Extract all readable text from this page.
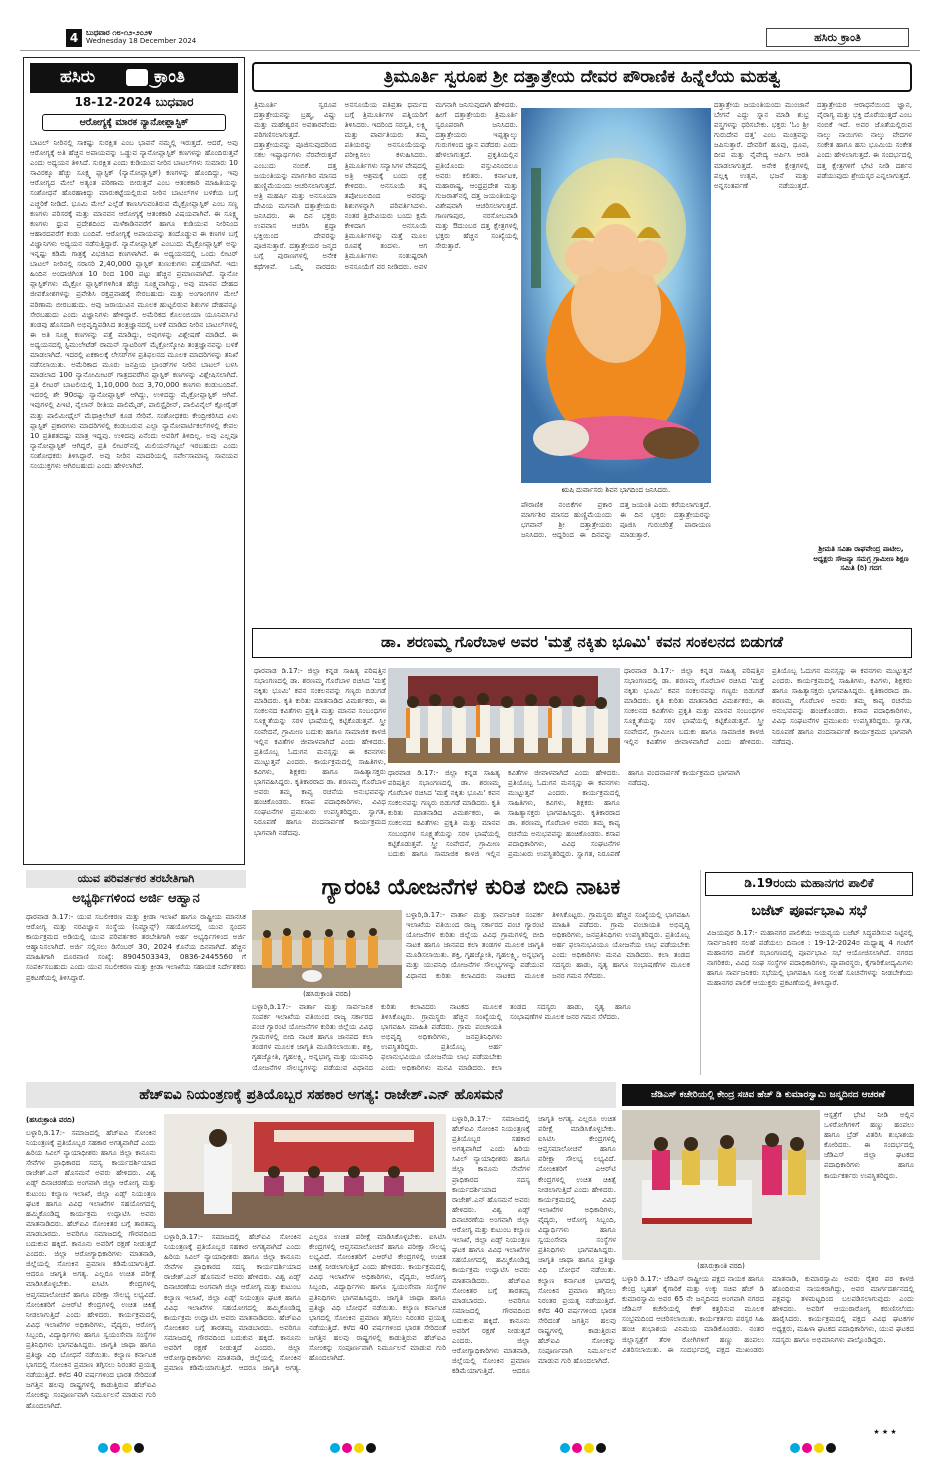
4	ಬುಧವಾರ ೧೮-೧೨-೨೦೨೪
Wednesday 18 December 2024	ಹಸಿರು ಕ್ರಾಂತಿ
ಹಸಿರು	ಕ್ರಾಂತಿ
18-12-2024 ಬುಧವಾರ
ಆರೋಗ್ಯಕ್ಕೆ ಮಾರಕ ನ್ಯಾನೋಪ್ಲಾಸ್ಟಿಕ್
ಬಾಟಲ್ ನೀರಿನಲ್ಲಿ ಸಾಕಷ್ಟು ಸುರಕ್ಷಿತ ಎಂಬ ಭಾವನೆ ನಮ್ಮಲ್ಲಿ ಇರುತ್ತದೆ. ಆದರೆ, ಅವು ಆರೋಗ್ಯಕ್ಕೆ ಅತಿ ಹೆಚ್ಚಿನ ಅಪಾಯವನ್ನು ಒಡ್ಡುವ ನ್ಯಾನೋಪ್ಲಾಸ್ಟಿಕ್ ಕಣಗಳನ್ನು ಹೊಂದಿರುತ್ತವೆ ಎಂದು ಅಧ್ಯಯನ ತಿಳಿಸಿದೆ. ಸುರಕ್ಷಿತ ಎಂದು ಕುಡಿಯುವ ನೀರಿನ ಬಾಟಲ್‌ಗಳು ಸುಮಾರು 10 ಸಾವಿರಕ್ಕೂ ಹೆಚ್ಚು ಸೂಕ್ಷ್ಮ ಪ್ಲಾಸ್ಟಿಕ್ (ನ್ಯಾನೋಪ್ಲಾಸ್ಟಿಕ್) ಕಣಗಳನ್ನು ಹೊಂದಿದ್ದು, ಇವು ಆರೋಗ್ಯದ ಮೇಲೆ ಅತ್ಯಂತ ಪರಿಣಾಮ ಬೀರುತ್ತವೆ ಎಂಬ ಆತಂಕಕಾರಿ ಮಾಹಿತಿಯನ್ನು ಸಂಶೋಧನೆ ಹೊರಹಾಕಿದ್ದು ಮಾರುಕಟ್ಟೆಯಲ್ಲಿರುವ ನೀರಿನ ಬಾಟಲ್‌ಗಳ ಬಳಕೆಯ ಬಗ್ಗೆ ಎಚ್ಚರಿಕೆ ನೀಡಿದೆ. ಭೂಮಿ ಮೇಲೆ ಎಲ್ಲೆಡೆ ಕಾಣಸಿಗುವಂತಿರುವ ಮೈಕ್ರೋಪ್ಲಾಸ್ಟಿಕ್ ಎಂಬ ಸಣ್ಣ ಕಣಗಳು ಪರಿಸರಕ್ಕೆ ಮತ್ತು ಮಾನವನ ಆರೋಗ್ಯಕ್ಕೆ ಆತಂಕಕಾರಿ ವಿಷಯವಾಗಿವೆ. ಈ ಸೂಕ್ಷ್ಮ ಕಣಗಳು ಧ್ರುವ ಪ್ರದೇಶದಿಂದ ಮಳೆಕಾಡಿನವರೆಗೆ ಹಾಗೂ ಕುಡಿಯುವ ನೀರಿನಿಂದ ಆಹಾರದವರೆಗೆ ಕಂಡು ಬಂದಿವೆ. ಆರೋಗ್ಯಕ್ಕೆ ಅಪಾಯವನ್ನು ತಂದೊಡ್ಡುವ ಈ ಕಣಗಳ ಬಗ್ಗೆ ವಿಜ್ಞಾನಿಗಳು ಅಧ್ಯಯನ ನಡೆಸುತ್ತಿದ್ದಾರೆ. ನ್ಯಾನೋಪ್ಲಾಸ್ಟಿಕ್ ಎಂಬುದು ಮೈಕ್ರೋಪ್ಲಾಸ್ಟಿಕ್ ಅನ್ನು ಇನ್ನಷ್ಟು ಕಡಿಮೆ ಗಾತ್ರಕ್ಕೆ ವಿಭಜಿಸಿದ ಕಣಗಳಾಗಿವೆ. ಈ ಅಧ್ಯಯನದಲ್ಲಿ ಒಂದು ಲೀಟರ್ ಬಾಟಲ್ ನೀರಿನಲ್ಲಿ ಸರಾಸರಿ 2,40,000 ಪ್ಲಾಸ್ಟಿಕ್ ತುಣುಕುಗಳು ಪತ್ತೆಯಾಗಿವೆ. ಇದು ಹಿಂದಿನ ಅಂದಾಜಿಗಿಂತ 10 ರಿಂದ 100 ಪಟ್ಟು ಹೆಚ್ಚಿನ ಪ್ರಮಾಣವಾಗಿದೆ. ನ್ಯಾನೋ ಪ್ಲಾಸ್ಟಿಕ್‌ಗಳು ಮೈಕ್ರೋ ಪ್ಲಾಸ್ಟಿಕ್‌ಗಳಿಗಿಂತ ಹೆಚ್ಚು ಸೂಕ್ಷ್ಮವಾಗಿದ್ದು, ಅವು ಮಾನವ ದೇಹದ ಜೀವಕೋಶಗಳನ್ನು ಪ್ರವೇಶಿಸಿ ರಕ್ತಪ್ರವಾಹಕ್ಕೆ ಸೇರಬಹುದು ಮತ್ತು ಅಂಗಾಂಗಗಳ ಮೇಲೆ ಪರಿಣಾಮ ಬೀರಬಹುದು. ಅವು ಜರಾಯುವಿನ ಮೂಲಕ ಹುಟ್ಟಲಿರುವ ಶಿಶುಗಳ ದೇಹವನ್ನೂ ಸೇರಬಹುದು ಎಂದು ವಿಜ್ಞಾನಿಗಳು ಹೇಳಿದ್ದಾರೆ. ಅಮೆರಿಕದ ಕೊಲಂಬಿಯಾ ಯೂನಿವರ್ಸಿಟಿ ತಂಡವು ಹೊಸದಾಗಿ ಅಭಿವೃದ್ಧಿಪಡಿಸಿದ ತಂತ್ರಜ್ಞಾನದಲ್ಲಿ ಬಳಕೆ ಮಾಡಿದ ನೀರಿನ ಬಾಟಲ್‌ಗಳಲ್ಲಿ ಈ ಅತಿ ಸೂಕ್ಷ್ಮ ಕಣಗಳನ್ನು ಪತ್ತೆ ಮಾಡಿದ್ದು, ಅವುಗಳನ್ನು ವಿಶ್ಲೇಷಣೆ ಮಾಡಿದೆ. ಈ ಅಧ್ಯಯನದಲ್ಲಿ ಸ್ಟಿಮುಲೇಟೆಡ್ ರಾಮನ್ ಸ್ಕ್ಯಾಟರಿಂಗ್ ಮೈಕ್ರೋಸ್ಕೋಪಿ ತಂತ್ರಜ್ಞಾನವನ್ನು ಬಳಕೆ ಮಾಡಲಾಗಿದೆ. ಇದರಲ್ಲಿ ಏಕಕಾಲಕ್ಕೆ ಲೇಸರ್‌ಗಳ ಪ್ರತಿಫಲನದ ಮೂಲಕ ಮಾದರಿಗಳನ್ನು ತನಿಖೆ ನಡೆಸಲಾಯಿತು. ಅಮೆರಿಕಾದ ಮೂರು ಜನಪ್ರಿಯ ಬ್ರಾಂಡ್‌ಗಳ ನೀರಿನ ಬಾಟಲ್ ಬಳಸಿ ಮಾಡಲಾದ 100 ನ್ಯಾನೋಮೀಟರ್ ಗಾತ್ರದವರೆಗಿನ ಪ್ಲಾಸ್ಟಿಕ್ ಕಣಗಳನ್ನು ವಿಶ್ಲೇಷಿಸಲಾಗಿದೆ. ಪ್ರತಿ ಲೀಟರ್ ಬಾಟಲಿಯಲ್ಲಿ 1,10,000 ರಿಂದ 3,70,000 ಕಣಗಳು ಕಂಡುಬಂದಿವೆ. ಇದರಲ್ಲಿ ಶೇ 90ರಷ್ಟು ನ್ಯಾನೋಪ್ಲಾಸ್ಟಿಕ್ ಆಗಿದ್ದು, ಉಳಿದದ್ದು ಮೈಕ್ರೋಪ್ಲಾಸ್ಟಿಕ್ ಆಗಿವೆ. ಇವುಗಳಲ್ಲಿ ಪಿಇಟಿ, ನೈಲಾನ್ ರೀತಿಯ ಪಾಲಿಮೈಡ್, ಪಾಲಿಸ್ಟೈರೀನ್, ಪಾಲಿವಿನೈಲ್ ಕ್ಲೋರೈಡ್ ಮತ್ತು ಪಾಲಿಮೀಥೈಲ್ ಮೆಥಾಕ್ರಿಲೇಟ್ ಕೂಡ ಸೇರಿವೆ. ಸಂಶೋಧಕರು ಕೇಂದ್ರೀಕರಿಸಿದ ಏಳು ಪ್ಲಾಸ್ಟಿಕ್ ಪ್ರಕಾರಗಳು ಮಾದರಿಗಳಲ್ಲಿ ಕಂಡುಬರುವ ಎಲ್ಲಾ ನ್ಯಾನೋಪಾರ್ಟಿಕಲ್‌ಗಳಲ್ಲಿ ಕೇವಲ 10 ಪ್ರತಿಶತದಷ್ಟು ಮಾತ್ರ ಇದ್ದವು. ಉಳಿದವು ಏನೆಂದು ಅವರಿಗೆ ತಿಳಿದಿಲ್ಲ. ಅವು ಎಲ್ಲವೂ ನ್ಯಾನೋಪ್ಲಾಸ್ಟಿಕ್ ಆಗಿದ್ದರೆ, ಪ್ರತಿ ಲೀಟರ್‌ನಲ್ಲಿ ಮಿಲಿಯನ್‌ಗಟ್ಟಲೆ ಇರಬಹುದು ಎಂದು ಸಂಶೋಧಕರು ತಿಳಿಸಿದ್ದಾರೆ. ಅವು ನೀರಿನ ಮಾದರಿಯಲ್ಲಿ ಸರ್ವೇಸಾಮಾನ್ಯ ಸಾವಯವ ಸಂಯುಕ್ತಗಳು ಆಗಿರಬಹುದು ಎಂದು ಹೇಳಲಾಗಿದೆ.
ತ್ರಿಮೂರ್ತಿ ಸ್ವರೂಪ ಶ್ರೀ ದತ್ತಾತ್ರೇಯ ದೇವರ ಪೌರಾಣಿಕ ಹಿನ್ನೆಲೆಯ ಮಹತ್ವ
ತ್ರಿಮೂರ್ತಿ ಸ್ವರೂಪ ದತ್ತಾತ್ರೇಯನನ್ನು ಬ್ರಹ್ಮ, ವಿಷ್ಣು ಮತ್ತು ಮಹೇಶ್ವರನ ಅವತಾರವೆಂದು ಪರಿಗಣಿಸಲಾಗುತ್ತದೆ. ದತ್ತಾತ್ರೇಯನನ್ನು ಪೂಜಿಸುವುದರಿಂದ ಸಕಲ ಇಷ್ಟಾರ್ಥಗಳು ನೆರವೇರುತ್ತವೆ ಎಂಬುದು ನಂಬಿಕೆ. ದತ್ತ ಜಯಂತಿಯನ್ನು ಮಾರ್ಗಶಿರ ಮಾಸದ ಹುಣ್ಣಿಮೆಯಂದು ಆಚರಿಸಲಾಗುತ್ತದೆ. ಅತ್ರಿ ಮಹರ್ಷಿ ಮತ್ತು ಅನಸೂಯಾ ದೇವಿಯ ಮಗನಾಗಿ ದತ್ತಾತ್ರೇಯರು ಜನಿಸಿದರು. ಈ ದಿನ ಭಕ್ತರು ಉಪವಾಸ ಆಚರಿಸಿ ಶ್ರದ್ಧಾ ಭಕ್ತಿಯಿಂದ ದೇವರನ್ನು ಪೂಜಿಸುತ್ತಾರೆ. ದತ್ತಾತ್ರೇಯರ ಜನ್ಮದ ಬಗ್ಗೆ ಪುರಾಣಗಳಲ್ಲಿ ಅನೇಕ ಕಥೆಗಳಿವೆ. ಒಮ್ಮೆ ನಾರದರು ಅನಸೂಯೆಯ ಪತಿವ್ರತಾ ಧರ್ಮದ ಬಗ್ಗೆ ತ್ರಿಮೂರ್ತಿಗಳ ಪತ್ನಿಯರಿಗೆ ತಿಳಿಸಿದರು. ಇದರಿಂದ ಸರಸ್ವತಿ, ಲಕ್ಷ್ಮಿ ಮತ್ತು ಪಾರ್ವತಿಯರು ತಮ್ಮ ಪತಿಯರನ್ನು ಅನಸೂಯೆಯನ್ನು ಪರೀಕ್ಷಿಸಲು ಕಳುಹಿಸಿದರು. ತ್ರಿಮೂರ್ತಿಗಳು ಸನ್ಯಾಸಿಗಳ ವೇಷದಲ್ಲಿ ಅತ್ರಿ ಆಶ್ರಮಕ್ಕೆ ಬಂದು ಭಿಕ್ಷೆ ಕೇಳಿದರು. ಅನಸೂಯೆ ತನ್ನ ತಪೋಬಲದಿಂದ ಅವರನ್ನು ಶಿಶುಗಳನ್ನಾಗಿ ಪರಿವರ್ತಿಸಿದಳು. ನಂತರ ತ್ರಿದೇವಿಯರು ಬಂದು ಕ್ಷಮೆ ಕೇಳಿದಾಗ ಅನಸೂಯೆ ತ್ರಿಮೂರ್ತಿಗಳನ್ನು ಮತ್ತೆ ಮೂಲ ರೂಪಕ್ಕೆ ತಂದಳು. ಆಗ ತ್ರಿಮೂರ್ತಿಗಳು ಸಂತುಷ್ಟರಾಗಿ ಅನಸೂಯೆಗೆ ವರ ನೀಡಿದರು. ಅವಳ ಮಗನಾಗಿ ಜನಿಸುವುದಾಗಿ ಹೇಳಿದರು. ಹೀಗೆ ದತ್ತಾತ್ರೇಯರು ತ್ರಿಮೂರ್ತಿ ಸ್ವರೂಪರಾಗಿ ಜನಿಸಿದರು. ದತ್ತಾತ್ರೇಯರು ಇಪ್ಪತ್ನಾಲ್ಕು ಗುರುಗಳಿಂದ ಜ್ಞಾನ ಪಡೆದರು ಎಂದು ಹೇಳಲಾಗುತ್ತದೆ. ಪ್ರಕೃತಿಯಲ್ಲಿನ ಪ್ರತಿಯೊಂದು ವಸ್ತುವಿನಿಂದಲೂ ಅವರು ಕಲಿತರು. ಕರ್ನಾಟಕ, ಮಹಾರಾಷ್ಟ್ರ, ಆಂಧ್ರಪ್ರದೇಶ ಮತ್ತು ಗುಜರಾತ್‌ನಲ್ಲಿ ದತ್ತ ಜಯಂತಿಯನ್ನು ವಿಶೇಷವಾಗಿ ಆಚರಿಸಲಾಗುತ್ತದೆ. ಗಾಣಗಾಪುರ, ನರಸೋಬವಾಡಿ ಮತ್ತು ಔದುಂಬರ ದತ್ತ ಕ್ಷೇತ್ರಗಳಲ್ಲಿ ಭಕ್ತರು ಹೆಚ್ಚಿನ ಸಂಖ್ಯೆಯಲ್ಲಿ ಸೇರುತ್ತಾರೆ.
ಋಷಿ ದುರ್ವಾಸರು ಶಿವನ ಭಾಗದಿಂದ ಜನಿಸಿದರು.
ಪೌರಾಣಿಕ ನಂಬಿಕೆಗಳ ಪ್ರಕಾರ ಮಾರ್ಗಶಿರ ಮಾಸದ ಹುಣ್ಣಿಮೆಯಂದು ಭಗವಾನ್ ಶ್ರೀ ದತ್ತಾತ್ರೇಯರು ಜನಿಸಿದರು. ಆದ್ದರಿಂದ ಈ ದಿನವನ್ನು ದತ್ತ ಜಯಂತಿ ಎಂದು ಕರೆಯಲಾಗುತ್ತದೆ. ಈ ದಿನ ಭಕ್ತರು ದತ್ತಾತ್ರೇಯರನ್ನು ಪೂಜಿಸಿ ಗುರುಚರಿತ್ರೆ ಪಾರಾಯಣ ಮಾಡುತ್ತಾರೆ.
ದತ್ತಾತ್ರೇಯ ಜಯಂತಿಯಂದು ಮುಂಜಾನೆ ಬೇಗನೆ ಎದ್ದು ಸ್ನಾನ ಮಾಡಿ ಶುಭ್ರ ವಸ್ತ್ರಗಳನ್ನು ಧರಿಸಬೇಕು. ಭಕ್ತರು 'ಓಂ ಶ್ರೀ ಗುರುದೇವ ದತ್ತ' ಎಂಬ ಮಂತ್ರವನ್ನು ಜಪಿಸುತ್ತಾರೆ. ದೇವರಿಗೆ ಹೂವು, ಧೂಪ, ದೀಪ ಮತ್ತು ನೈವೇದ್ಯ ಅರ್ಪಿಸಿ ಆರತಿ ಮಾಡಲಾಗುತ್ತದೆ. ಅನೇಕ ಕ್ಷೇತ್ರಗಳಲ್ಲಿ ಪಲ್ಲಕ್ಕಿ ಉತ್ಸವ, ಭಜನೆ ಮತ್ತು ಅನ್ನಸಂತರ್ಪಣೆ ನಡೆಯುತ್ತದೆ. ದತ್ತಾತ್ರೇಯರ ಆರಾಧನೆಯಿಂದ ಜ್ಞಾನ, ವೈರಾಗ್ಯ ಮತ್ತು ಭಕ್ತಿ ದೊರೆಯುತ್ತದೆ ಎಂಬ ನಂಬಿಕೆ ಇದೆ. ಅವರ ಜೊತೆಯಲ್ಲಿರುವ ನಾಲ್ಕು ನಾಯಿಗಳು ನಾಲ್ಕು ವೇದಗಳ ಸಂಕೇತ ಹಾಗೂ ಹಸು ಭೂಮಿಯ ಸಂಕೇತ ಎಂದು ಹೇಳಲಾಗುತ್ತದೆ. ಈ ಸಂದರ್ಭದಲ್ಲಿ ದತ್ತ ಕ್ಷೇತ್ರಗಳಿಗೆ ಭೇಟಿ ನೀಡಿ ದರ್ಶನ ಪಡೆಯುವುದು ಶ್ರೇಯಸ್ಕರ ಎನ್ನಲಾಗುತ್ತದೆ.
ಶ್ರೀಮತಿ ಸವಿತಾ ರಾಘವೇಂದ್ರ ಪಾಟೀಲ, ಅಧ್ಯಕ್ಷರು ಸೌಜನ್ಯಾ ಸಮಗ್ರ ಗ್ರಾಮೀಣ ಶಿಕ್ಷಣ ಸಮಿತಿ (ರಿ) ಗದಗ
ಡಾ. ಶರಣಮ್ಮ ಗೊರೆಬಾಳ ಅವರ 'ಮತ್ತೆ ನಕ್ಕಿತು ಭೂಮಿ' ಕವನ ಸಂಕಲನದ ಬಿಡುಗಡೆ
ಧಾರವಾಡ ಡಿ.17:- ಜಿಲ್ಲಾ ಕನ್ನಡ ಸಾಹಿತ್ಯ ಪರಿಷತ್ತಿನ ಸಭಾಂಗಣದಲ್ಲಿ ಡಾ. ಶರಣಮ್ಮ ಗೊರೆಬಾಳ ರಚಿಸಿದ 'ಮತ್ತೆ ನಕ್ಕಿತು ಭೂಮಿ' ಕವನ ಸಂಕಲನವನ್ನು ಗಣ್ಯರು ಬಿಡುಗಡೆ ಮಾಡಿದರು. ಕೃತಿ ಕುರಿತು ಮಾತನಾಡಿದ ವಿಮರ್ಶಕರು, ಈ ಸಂಕಲನದ ಕವಿತೆಗಳು ಪ್ರಕೃತಿ ಮತ್ತು ಮಾನವ ಸಂಬಂಧಗಳ ಸೂಕ್ಷ್ಮತೆಯನ್ನು ಸರಳ ಭಾಷೆಯಲ್ಲಿ ಕಟ್ಟಿಕೊಡುತ್ತವೆ. ಸ್ತ್ರೀ ಸಂವೇದನೆ, ಗ್ರಾಮೀಣ ಬದುಕು ಹಾಗೂ ಸಾಮಾಜಿಕ ಕಾಳಜಿ ಇಲ್ಲಿನ ಕವಿತೆಗಳ ಜೀವಾಳವಾಗಿದೆ ಎಂದು ಹೇಳಿದರು. ಪ್ರತಿಯೊಬ್ಬ ಓದುಗನ ಮನಸ್ಸನ್ನು ಈ ಕವನಗಳು ಮುಟ್ಟುತ್ತವೆ ಎಂದರು. ಕಾರ್ಯಕ್ರಮದಲ್ಲಿ ಸಾಹಿತಿಗಳು, ಕವಿಗಳು, ಶಿಕ್ಷಕರು ಹಾಗೂ ಸಾಹಿತ್ಯಾಸಕ್ತರು ಭಾಗವಹಿಸಿದ್ದರು. ಕೃತಿಕಾರರಾದ ಡಾ. ಶರಣಮ್ಮ ಗೊರೆಬಾಳ ಅವರು ತಮ್ಮ ಕಾವ್ಯ ರಚನೆಯ ಅನುಭವವನ್ನು ಹಂಚಿಕೊಂಡರು. ಕಸಾಪ ಪದಾಧಿಕಾರಿಗಳು, ವಿವಿಧ ಸಂಘಟನೆಗಳ ಪ್ರಮುಖರು ಉಪಸ್ಥಿತರಿದ್ದರು. ಸ್ವಾಗತ, ನಿರೂಪಣೆ ಹಾಗೂ ವಂದನಾರ್ಪಣೆ ಕಾರ್ಯಕ್ರಮದ ಭಾಗವಾಗಿ ನಡೆದವು.
ಧಾರವಾಡ ಡಿ.17:- ಜಿಲ್ಲಾ ಕನ್ನಡ ಸಾಹಿತ್ಯ ಪರಿಷತ್ತಿನ ಸಭಾಂಗಣದಲ್ಲಿ ಡಾ. ಶರಣಮ್ಮ ಗೊರೆಬಾಳ ರಚಿಸಿದ 'ಮತ್ತೆ ನಕ್ಕಿತು ಭೂಮಿ' ಕವನ ಸಂಕಲನವನ್ನು ಗಣ್ಯರು ಬಿಡುಗಡೆ ಮಾಡಿದರು. ಕೃತಿ ಕುರಿತು ಮಾತನಾಡಿದ ವಿಮರ್ಶಕರು, ಈ ಸಂಕಲನದ ಕವಿತೆಗಳು ಪ್ರಕೃತಿ ಮತ್ತು ಮಾನವ ಸಂಬಂಧಗಳ ಸೂಕ್ಷ್ಮತೆಯನ್ನು ಸರಳ ಭಾಷೆಯಲ್ಲಿ ಕಟ್ಟಿಕೊಡುತ್ತವೆ. ಸ್ತ್ರೀ ಸಂವೇದನೆ, ಗ್ರಾಮೀಣ ಬದುಕು ಹಾಗೂ ಸಾಮಾಜಿಕ ಕಾಳಜಿ ಇಲ್ಲಿನ ಕವಿತೆಗಳ ಜೀವಾಳವಾಗಿದೆ ಎಂದು ಹೇಳಿದರು. ಪ್ರತಿಯೊಬ್ಬ ಓದುಗನ ಮನಸ್ಸನ್ನು ಈ ಕವನಗಳು ಮುಟ್ಟುತ್ತವೆ ಎಂದರು. ಕಾರ್ಯಕ್ರಮದಲ್ಲಿ ಸಾಹಿತಿಗಳು, ಕವಿಗಳು, ಶಿಕ್ಷಕರು ಹಾಗೂ ಸಾಹಿತ್ಯಾಸಕ್ತರು ಭಾಗವಹಿಸಿದ್ದರು. ಕೃತಿಕಾರರಾದ ಡಾ. ಶರಣಮ್ಮ ಗೊರೆಬಾಳ ಅವರು ತಮ್ಮ ಕಾವ್ಯ ರಚನೆಯ ಅನುಭವವನ್ನು ಹಂಚಿಕೊಂಡರು. ಕಸಾಪ ಪದಾಧಿಕಾರಿಗಳು, ವಿವಿಧ ಸಂಘಟನೆಗಳ ಪ್ರಮುಖರು ಉಪಸ್ಥಿತರಿದ್ದರು. ಸ್ವಾಗತ, ನಿರೂಪಣೆ ಹಾಗೂ ವಂದನಾರ್ಪಣೆ ಕಾರ್ಯಕ್ರಮದ ಭಾಗವಾಗಿ ನಡೆದವು.
ಧಾರವಾಡ ಡಿ.17:- ಜಿಲ್ಲಾ ಕನ್ನಡ ಸಾಹಿತ್ಯ ಪರಿಷತ್ತಿನ ಸಭಾಂಗಣದಲ್ಲಿ ಡಾ. ಶರಣಮ್ಮ ಗೊರೆಬಾಳ ರಚಿಸಿದ 'ಮತ್ತೆ ನಕ್ಕಿತು ಭೂಮಿ' ಕವನ ಸಂಕಲನವನ್ನು ಗಣ್ಯರು ಬಿಡುಗಡೆ ಮಾಡಿದರು. ಕೃತಿ ಕುರಿತು ಮಾತನಾಡಿದ ವಿಮರ್ಶಕರು, ಈ ಸಂಕಲನದ ಕವಿತೆಗಳು ಪ್ರಕೃತಿ ಮತ್ತು ಮಾನವ ಸಂಬಂಧಗಳ ಸೂಕ್ಷ್ಮತೆಯನ್ನು ಸರಳ ಭಾಷೆಯಲ್ಲಿ ಕಟ್ಟಿಕೊಡುತ್ತವೆ. ಸ್ತ್ರೀ ಸಂವೇದನೆ, ಗ್ರಾಮೀಣ ಬದುಕು ಹಾಗೂ ಸಾಮಾಜಿಕ ಕಾಳಜಿ ಇಲ್ಲಿನ ಕವಿತೆಗಳ ಜೀವಾಳವಾಗಿದೆ ಎಂದು ಹೇಳಿದರು. ಪ್ರತಿಯೊಬ್ಬ ಓದುಗನ ಮನಸ್ಸನ್ನು ಈ ಕವನಗಳು ಮುಟ್ಟುತ್ತವೆ ಎಂದರು. ಕಾರ್ಯಕ್ರಮದಲ್ಲಿ ಸಾಹಿತಿಗಳು, ಕವಿಗಳು, ಶಿಕ್ಷಕರು ಹಾಗೂ ಸಾಹಿತ್ಯಾಸಕ್ತರು ಭಾಗವಹಿಸಿದ್ದರು. ಕೃತಿಕಾರರಾದ ಡಾ. ಶರಣಮ್ಮ ಗೊರೆಬಾಳ ಅವರು ತಮ್ಮ ಕಾವ್ಯ ರಚನೆಯ ಅನುಭವವನ್ನು ಹಂಚಿಕೊಂಡರು. ಕಸಾಪ ಪದಾಧಿಕಾರಿಗಳು, ವಿವಿಧ ಸಂಘಟನೆಗಳ ಪ್ರಮುಖರು ಉಪಸ್ಥಿತರಿದ್ದರು. ಸ್ವಾಗತ, ನಿರೂಪಣೆ ಹಾಗೂ ವಂದನಾರ್ಪಣೆ ಕಾರ್ಯಕ್ರಮದ ಭಾಗವಾಗಿ ನಡೆದವು.
ಯುವ ಪರಿವರ್ತಕರ ತರಬೇತಿಗಾಗಿ
ಅಭ್ಯರ್ಥಿಗಳಿಂದ ಅರ್ಜಿ ಆಹ್ವಾನ
ಧಾರವಾಡ ಡಿ.17:- ಯುವ ಸಬಲೀಕರಣ ಮತ್ತು ಕ್ರೀಡಾ ಇಲಾಖೆ ಹಾಗೂ ರಾಷ್ಟ್ರೀಯ ಮಾನಸಿಕ ಆರೋಗ್ಯ ಮತ್ತು ನರವಿಜ್ಞಾನ ಸಂಸ್ಥೆಯ (ನಿಮ್ಹಾನ್ಸ್) ಸಹಯೋಗದಲ್ಲಿ ಯುವ ಸ್ಪಂದನ ಕಾರ್ಯಕ್ರಮದ ಅಡಿಯಲ್ಲಿ ಯುವ ಪರಿವರ್ತಕರ ತರಬೇತಿಗಾಗಿ ಅರ್ಹ ಅಭ್ಯರ್ಥಿಗಳಿಂದ ಅರ್ಜಿ ಆಹ್ವಾನಿಸಲಾಗಿದೆ. ಅರ್ಜಿ ಸಲ್ಲಿಸಲು ಡಿಸೆಂಬರ್ 30, 2024 ಕೊನೆಯ ದಿನವಾಗಿದೆ. ಹೆಚ್ಚಿನ ಮಾಹಿತಿಗಾಗಿ ದೂರವಾಣಿ ಸಂಖ್ಯೆ: 8904503343, 0836-2445560 ಗೆ ಸಂಪರ್ಕಿಸಬಹುದು ಎಂದು ಯುವ ಸಬಲೀಕರಣ ಮತ್ತು ಕ್ರೀಡಾ ಇಲಾಖೆಯ ಸಹಾಯಕ ನಿರ್ದೇಶಕರು ಪ್ರಕಟಣೆಯಲ್ಲಿ ತಿಳಿಸಿದ್ದಾರೆ.
ಗ್ಯಾರಂಟಿ ಯೋಜನೆಗಳ ಕುರಿತ ಬೀದಿ ನಾಟಕ
(ಹಸಿರುಕ್ರಾಂತಿ ವರದಿ)
ಬಳ್ಳಾರಿ,ಡಿ.17:- ವಾರ್ತಾ ಮತ್ತು ಸಾರ್ವಜನಿಕ ಸಂಪರ್ಕ ಇಲಾಖೆಯ ವತಿಯಿಂದ ರಾಜ್ಯ ಸರ್ಕಾರದ ಪಂಚ ಗ್ಯಾರಂಟಿ ಯೋಜನೆಗಳ ಕುರಿತು ಜಿಲ್ಲೆಯ ವಿವಿಧ ಗ್ರಾಮಗಳಲ್ಲಿ ಬೀದಿ ನಾಟಕ ಹಾಗೂ ಜಾನಪದ ಕಲಾ ತಂಡಗಳ ಮೂಲಕ ಜಾಗೃತಿ ಮೂಡಿಸಲಾಯಿತು. ಶಕ್ತಿ, ಗೃಹಜ್ಯೋತಿ, ಗೃಹಲಕ್ಷ್ಮಿ, ಅನ್ನಭಾಗ್ಯ ಮತ್ತು ಯುವನಿಧಿ ಯೋಜನೆಗಳ ಸೌಲಭ್ಯಗಳನ್ನು ಪಡೆಯುವ ವಿಧಾನದ ಕುರಿತು ಕಲಾವಿದರು ನಾಟಕದ ಮೂಲಕ ತಿಳಿಸಿಕೊಟ್ಟರು. ಗ್ರಾಮಸ್ಥರು ಹೆಚ್ಚಿನ ಸಂಖ್ಯೆಯಲ್ಲಿ ಭಾಗವಹಿಸಿ ಮಾಹಿತಿ ಪಡೆದರು. ಗ್ರಾಮ ಪಂಚಾಯತಿ ಅಭಿವೃದ್ಧಿ ಅಧಿಕಾರಿಗಳು, ಜನಪ್ರತಿನಿಧಿಗಳು ಉಪಸ್ಥಿತರಿದ್ದರು. ಪ್ರತಿಯೊಬ್ಬ ಅರ್ಹ ಫಲಾನುಭವಿಯೂ ಯೋಜನೆಯ ಲಾಭ ಪಡೆಯಬೇಕು ಎಂದು ಅಧಿಕಾರಿಗಳು ಮನವಿ ಮಾಡಿದರು. ಕಲಾ ತಂಡದ ಸದಸ್ಯರು ಹಾಡು, ನೃತ್ಯ ಹಾಗೂ ಸಂಭಾಷಣೆಗಳ ಮೂಲಕ ಜನರ ಗಮನ ಸೆಳೆದರು.
ಬಳ್ಳಾರಿ,ಡಿ.17:- ವಾರ್ತಾ ಮತ್ತು ಸಾರ್ವಜನಿಕ ಸಂಪರ್ಕ ಇಲಾಖೆಯ ವತಿಯಿಂದ ರಾಜ್ಯ ಸರ್ಕಾರದ ಪಂಚ ಗ್ಯಾರಂಟಿ ಯೋಜನೆಗಳ ಕುರಿತು ಜಿಲ್ಲೆಯ ವಿವಿಧ ಗ್ರಾಮಗಳಲ್ಲಿ ಬೀದಿ ನಾಟಕ ಹಾಗೂ ಜಾನಪದ ಕಲಾ ತಂಡಗಳ ಮೂಲಕ ಜಾಗೃತಿ ಮೂಡಿಸಲಾಯಿತು. ಶಕ್ತಿ, ಗೃಹಜ್ಯೋತಿ, ಗೃಹಲಕ್ಷ್ಮಿ, ಅನ್ನಭಾಗ್ಯ ಮತ್ತು ಯುವನಿಧಿ ಯೋಜನೆಗಳ ಸೌಲಭ್ಯಗಳನ್ನು ಪಡೆಯುವ ವಿಧಾನದ ಕುರಿತು ಕಲಾವಿದರು ನಾಟಕದ ಮೂಲಕ ತಿಳಿಸಿಕೊಟ್ಟರು. ಗ್ರಾಮಸ್ಥರು ಹೆಚ್ಚಿನ ಸಂಖ್ಯೆಯಲ್ಲಿ ಭಾಗವಹಿಸಿ ಮಾಹಿತಿ ಪಡೆದರು. ಗ್ರಾಮ ಪಂಚಾಯತಿ ಅಭಿವೃದ್ಧಿ ಅಧಿಕಾರಿಗಳು, ಜನಪ್ರತಿನಿಧಿಗಳು ಉಪಸ್ಥಿತರಿದ್ದರು. ಪ್ರತಿಯೊಬ್ಬ ಅರ್ಹ ಫಲಾನುಭವಿಯೂ ಯೋಜನೆಯ ಲಾಭ ಪಡೆಯಬೇಕು ಎಂದು ಅಧಿಕಾರಿಗಳು ಮನವಿ ಮಾಡಿದರು. ಕಲಾ ತಂಡದ ಸದಸ್ಯರು ಹಾಡು, ನೃತ್ಯ ಹಾಗೂ ಸಂಭಾಷಣೆಗಳ ಮೂಲಕ ಜನರ ಗಮನ ಸೆಳೆದರು.
ಡಿ.19ರಂದು ಮಹಾನಗರ ಪಾಲಿಕೆ
ಬಜೆಟ್ ಪೂರ್ವಭಾವಿ ಸಭೆ
ವಿಜಯಪುರ ಡಿ.17:- ಮಹಾನಗರ ಪಾಲಿಕೆಯ ಆಯವ್ಯಯ ಬಜೆಟ್ ಸಿದ್ಧಪಡಿಸುವ ನಿಟ್ಟಿನಲ್ಲಿ ಸಾರ್ವಜನಿಕರ ಸಲಹೆ ಪಡೆಯಲು ದಿನಾಂಕ : 19-12-2024ರ ಮಧ್ಯಾಹ್ನ 4 ಗಂಟೆಗೆ ಮಹಾನಗರ ಪಾಲಿಕೆ ಸಭಾಂಗಣದಲ್ಲಿ ಪೂರ್ವಭಾವಿ ಸಭೆ ಆಯೋಜಿಸಲಾಗಿದೆ. ನಗರದ ನಾಗರಿಕರು, ವಿವಿಧ ಸಂಘ ಸಂಸ್ಥೆಗಳ ಪದಾಧಿಕಾರಿಗಳು, ವ್ಯಾಪಾರಸ್ಥರು, ಕೈಗಾರಿಕೋದ್ಯಮಿಗಳು ಹಾಗೂ ಸಾರ್ವಜನಿಕರು ಸಭೆಯಲ್ಲಿ ಭಾಗವಹಿಸಿ ಸೂಕ್ತ ಸಲಹೆ ಸೂಚನೆಗಳನ್ನು ನೀಡಬೇಕೆಂದು ಮಹಾನಗರ ಪಾಲಿಕೆ ಆಯುಕ್ತರು ಪ್ರಕಟಣೆಯಲ್ಲಿ ತಿಳಿಸಿದ್ದಾರೆ.
ಹೆಚ್‌ಐವಿ ನಿಯಂತ್ರಣಕ್ಕೆ ಪ್ರತಿಯೊಬ್ಬರ ಸಹಕಾರ ಅಗತ್ಯ: ರಾಜೇಶ್.ಎನ್ ಹೊಸಮನೆ
(ಹಸಿರುಕ್ರಾಂತಿ ವರದಿ)
ಬಳ್ಳಾರಿ,ಡಿ.17:- ಸಮಾಜದಲ್ಲಿ ಹೆಚ್‌ಐವಿ ಸೋಂಕಿನ ನಿಯಂತ್ರಣಕ್ಕೆ ಪ್ರತಿಯೊಬ್ಬರ ಸಹಕಾರ ಅಗತ್ಯವಾಗಿದೆ ಎಂದು ಹಿರಿಯ ಸಿವಿಲ್ ನ್ಯಾಯಾಧೀಶರು ಹಾಗೂ ಜಿಲ್ಲಾ ಕಾನೂನು ಸೇವೆಗಳ ಪ್ರಾಧಿಕಾರದ ಸದಸ್ಯ ಕಾರ್ಯದರ್ಶಿಯಾದ ರಾಜೇಶ್.ಎನ್ ಹೊಸಮನೆ ಅವರು ಹೇಳಿದರು. ವಿಶ್ವ ಏಡ್ಸ್ ದಿನಾಚರಣೆಯ ಅಂಗವಾಗಿ ಜಿಲ್ಲಾ ಆರೋಗ್ಯ ಮತ್ತು ಕುಟುಂಬ ಕಲ್ಯಾಣ ಇಲಾಖೆ, ಜಿಲ್ಲಾ ಏಡ್ಸ್ ನಿಯಂತ್ರಣ ಘಟಕ ಹಾಗೂ ವಿವಿಧ ಇಲಾಖೆಗಳ ಸಹಯೋಗದಲ್ಲಿ ಹಮ್ಮಿಕೊಂಡಿದ್ದ ಕಾರ್ಯಕ್ರಮ ಉದ್ಘಾಟಿಸಿ ಅವರು ಮಾತನಾಡಿದರು. ಹೆಚ್‌ಐವಿ ಸೋಂಕಿತರ ಬಗ್ಗೆ ತಾರತಮ್ಯ ಮಾಡಬಾರದು. ಅವರಿಗೂ ಸಮಾಜದಲ್ಲಿ ಗೌರವದಿಂದ ಬದುಕುವ ಹಕ್ಕಿದೆ. ಕಾನೂನು ಅವರಿಗೆ ರಕ್ಷಣೆ ನೀಡುತ್ತದೆ ಎಂದರು. ಜಿಲ್ಲಾ ಆರೋಗ್ಯಾಧಿಕಾರಿಗಳು ಮಾತನಾಡಿ, ಜಿಲ್ಲೆಯಲ್ಲಿ ಸೋಂಕಿನ ಪ್ರಮಾಣ ಕಡಿಮೆಯಾಗುತ್ತಿದೆ. ಆದರೂ ಜಾಗೃತಿ ಅಗತ್ಯ. ಎಲ್ಲರೂ ಉಚಿತ ಪರೀಕ್ಷೆ ಮಾಡಿಸಿಕೊಳ್ಳಬೇಕು. ಐಸಿಟಿಸಿ ಕೇಂದ್ರಗಳಲ್ಲಿ ಆಪ್ತಸಮಾಲೋಚನೆ ಹಾಗೂ ಪರೀಕ್ಷಾ ಸೌಲಭ್ಯ ಲಭ್ಯವಿದೆ. ಸೋಂಕಿತರಿಗೆ ಎಆರ್‌ಟಿ ಕೇಂದ್ರಗಳಲ್ಲಿ ಉಚಿತ ಚಿಕಿತ್ಸೆ ನೀಡಲಾಗುತ್ತಿದೆ ಎಂದು ಹೇಳಿದರು. ಕಾರ್ಯಕ್ರಮದಲ್ಲಿ ವಿವಿಧ ಇಲಾಖೆಗಳ ಅಧಿಕಾರಿಗಳು, ವೈದ್ಯರು, ಆರೋಗ್ಯ ಸಿಬ್ಬಂದಿ, ವಿದ್ಯಾರ್ಥಿಗಳು ಹಾಗೂ ಸ್ವಯಂಸೇವಾ ಸಂಸ್ಥೆಗಳ ಪ್ರತಿನಿಧಿಗಳು ಭಾಗವಹಿಸಿದ್ದರು. ಜಾಗೃತಿ ಜಾಥಾ ಹಾಗೂ ಪ್ರತಿಜ್ಞಾ ವಿಧಿ ಬೋಧನೆ ನಡೆಯಿತು. ಕಲ್ಯಾಣ ಕರ್ನಾಟಕ ಭಾಗದಲ್ಲಿ ಸೋಂಕಿನ ಪ್ರಮಾಣ ತಗ್ಗಿಸಲು ನಿರಂತರ ಪ್ರಯತ್ನ ನಡೆಯುತ್ತಿದೆ. ಕಳೆದ 40 ವರ್ಷಗಳಿಂದ ಭಾರತ ಸೇರಿದಂತೆ ಜಗತ್ತಿನ ಹಲವು ರಾಷ್ಟ್ರಗಳಲ್ಲಿ ಕಾಡುತ್ತಿರುವ ಹೆಚ್‌ಐವಿ ಸೋಂಕನ್ನು ಸಂಪೂರ್ಣವಾಗಿ ನಿರ್ಮೂಲನೆ ಮಾಡುವ ಗುರಿ ಹೊಂದಲಾಗಿದೆ.
ಬಳ್ಳಾರಿ,ಡಿ.17:- ಸಮಾಜದಲ್ಲಿ ಹೆಚ್‌ಐವಿ ಸೋಂಕಿನ ನಿಯಂತ್ರಣಕ್ಕೆ ಪ್ರತಿಯೊಬ್ಬರ ಸಹಕಾರ ಅಗತ್ಯವಾಗಿದೆ ಎಂದು ಹಿರಿಯ ಸಿವಿಲ್ ನ್ಯಾಯಾಧೀಶರು ಹಾಗೂ ಜಿಲ್ಲಾ ಕಾನೂನು ಸೇವೆಗಳ ಪ್ರಾಧಿಕಾರದ ಸದಸ್ಯ ಕಾರ್ಯದರ್ಶಿಯಾದ ರಾಜೇಶ್.ಎನ್ ಹೊಸಮನೆ ಅವರು ಹೇಳಿದರು. ವಿಶ್ವ ಏಡ್ಸ್ ದಿನಾಚರಣೆಯ ಅಂಗವಾಗಿ ಜಿಲ್ಲಾ ಆರೋಗ್ಯ ಮತ್ತು ಕುಟುಂಬ ಕಲ್ಯಾಣ ಇಲಾಖೆ, ಜಿಲ್ಲಾ ಏಡ್ಸ್ ನಿಯಂತ್ರಣ ಘಟಕ ಹಾಗೂ ವಿವಿಧ ಇಲಾಖೆಗಳ ಸಹಯೋಗದಲ್ಲಿ ಹಮ್ಮಿಕೊಂಡಿದ್ದ ಕಾರ್ಯಕ್ರಮ ಉದ್ಘಾಟಿಸಿ ಅವರು ಮಾತನಾಡಿದರು. ಹೆಚ್‌ಐವಿ ಸೋಂಕಿತರ ಬಗ್ಗೆ ತಾರತಮ್ಯ ಮಾಡಬಾರದು. ಅವರಿಗೂ ಸಮಾಜದಲ್ಲಿ ಗೌರವದಿಂದ ಬದುಕುವ ಹಕ್ಕಿದೆ. ಕಾನೂನು ಅವರಿಗೆ ರಕ್ಷಣೆ ನೀಡುತ್ತದೆ ಎಂದರು. ಜಿಲ್ಲಾ ಆರೋಗ್ಯಾಧಿಕಾರಿಗಳು ಮಾತನಾಡಿ, ಜಿಲ್ಲೆಯಲ್ಲಿ ಸೋಂಕಿನ ಪ್ರಮಾಣ ಕಡಿಮೆಯಾಗುತ್ತಿದೆ. ಆದರೂ ಜಾಗೃತಿ ಅಗತ್ಯ. ಎಲ್ಲರೂ ಉಚಿತ ಪರೀಕ್ಷೆ ಮಾಡಿಸಿಕೊಳ್ಳಬೇಕು. ಐಸಿಟಿಸಿ ಕೇಂದ್ರಗಳಲ್ಲಿ ಆಪ್ತಸಮಾಲೋಚನೆ ಹಾಗೂ ಪರೀಕ್ಷಾ ಸೌಲಭ್ಯ ಲಭ್ಯವಿದೆ. ಸೋಂಕಿತರಿಗೆ ಎಆರ್‌ಟಿ ಕೇಂದ್ರಗಳಲ್ಲಿ ಉಚಿತ ಚಿಕಿತ್ಸೆ ನೀಡಲಾಗುತ್ತಿದೆ ಎಂದು ಹೇಳಿದರು. ಕಾರ್ಯಕ್ರಮದಲ್ಲಿ ವಿವಿಧ ಇಲಾಖೆಗಳ ಅಧಿಕಾರಿಗಳು, ವೈದ್ಯರು, ಆರೋಗ್ಯ ಸಿಬ್ಬಂದಿ, ವಿದ್ಯಾರ್ಥಿಗಳು ಹಾಗೂ ಸ್ವಯಂಸೇವಾ ಸಂಸ್ಥೆಗಳ ಪ್ರತಿನಿಧಿಗಳು ಭಾಗವಹಿಸಿದ್ದರು. ಜಾಗೃತಿ ಜಾಥಾ ಹಾಗೂ ಪ್ರತಿಜ್ಞಾ ವಿಧಿ ಬೋಧನೆ ನಡೆಯಿತು. ಕಲ್ಯಾಣ ಕರ್ನಾಟಕ ಭಾಗದಲ್ಲಿ ಸೋಂಕಿನ ಪ್ರಮಾಣ ತಗ್ಗಿಸಲು ನಿರಂತರ ಪ್ರಯತ್ನ ನಡೆಯುತ್ತಿದೆ. ಕಳೆದ 40 ವರ್ಷಗಳಿಂದ ಭಾರತ ಸೇರಿದಂತೆ ಜಗತ್ತಿನ ಹಲವು ರಾಷ್ಟ್ರಗಳಲ್ಲಿ ಕಾಡುತ್ತಿರುವ ಹೆಚ್‌ಐವಿ ಸೋಂಕನ್ನು ಸಂಪೂರ್ಣವಾಗಿ ನಿರ್ಮೂಲನೆ ಮಾಡುವ ಗುರಿ ಹೊಂದಲಾಗಿದೆ.
ಬಳ್ಳಾರಿ,ಡಿ.17:- ಸಮಾಜದಲ್ಲಿ ಹೆಚ್‌ಐವಿ ಸೋಂಕಿನ ನಿಯಂತ್ರಣಕ್ಕೆ ಪ್ರತಿಯೊಬ್ಬರ ಸಹಕಾರ ಅಗತ್ಯವಾಗಿದೆ ಎಂದು ಹಿರಿಯ ಸಿವಿಲ್ ನ್ಯಾಯಾಧೀಶರು ಹಾಗೂ ಜಿಲ್ಲಾ ಕಾನೂನು ಸೇವೆಗಳ ಪ್ರಾಧಿಕಾರದ ಸದಸ್ಯ ಕಾರ್ಯದರ್ಶಿಯಾದ ರಾಜೇಶ್.ಎನ್ ಹೊಸಮನೆ ಅವರು ಹೇಳಿದರು. ವಿಶ್ವ ಏಡ್ಸ್ ದಿನಾಚರಣೆಯ ಅಂಗವಾಗಿ ಜಿಲ್ಲಾ ಆರೋಗ್ಯ ಮತ್ತು ಕುಟುಂಬ ಕಲ್ಯಾಣ ಇಲಾಖೆ, ಜಿಲ್ಲಾ ಏಡ್ಸ್ ನಿಯಂತ್ರಣ ಘಟಕ ಹಾಗೂ ವಿವಿಧ ಇಲಾಖೆಗಳ ಸಹಯೋಗದಲ್ಲಿ ಹಮ್ಮಿಕೊಂಡಿದ್ದ ಕಾರ್ಯಕ್ರಮ ಉದ್ಘಾಟಿಸಿ ಅವರು ಮಾತನಾಡಿದರು. ಹೆಚ್‌ಐವಿ ಸೋಂಕಿತರ ಬಗ್ಗೆ ತಾರತಮ್ಯ ಮಾಡಬಾರದು. ಅವರಿಗೂ ಸಮಾಜದಲ್ಲಿ ಗೌರವದಿಂದ ಬದುಕುವ ಹಕ್ಕಿದೆ. ಕಾನೂನು ಅವರಿಗೆ ರಕ್ಷಣೆ ನೀಡುತ್ತದೆ ಎಂದರು. ಜಿಲ್ಲಾ ಆರೋಗ್ಯಾಧಿಕಾರಿಗಳು ಮಾತನಾಡಿ, ಜಿಲ್ಲೆಯಲ್ಲಿ ಸೋಂಕಿನ ಪ್ರಮಾಣ ಕಡಿಮೆಯಾಗುತ್ತಿದೆ. ಆದರೂ ಜಾಗೃತಿ ಅಗತ್ಯ. ಎಲ್ಲರೂ ಉಚಿತ ಪರೀಕ್ಷೆ ಮಾಡಿಸಿಕೊಳ್ಳಬೇಕು. ಐಸಿಟಿಸಿ ಕೇಂದ್ರಗಳಲ್ಲಿ ಆಪ್ತಸಮಾಲೋಚನೆ ಹಾಗೂ ಪರೀಕ್ಷಾ ಸೌಲಭ್ಯ ಲಭ್ಯವಿದೆ. ಸೋಂಕಿತರಿಗೆ ಎಆರ್‌ಟಿ ಕೇಂದ್ರಗಳಲ್ಲಿ ಉಚಿತ ಚಿಕಿತ್ಸೆ ನೀಡಲಾಗುತ್ತಿದೆ ಎಂದು ಹೇಳಿದರು. ಕಾರ್ಯಕ್ರಮದಲ್ಲಿ ವಿವಿಧ ಇಲಾಖೆಗಳ ಅಧಿಕಾರಿಗಳು, ವೈದ್ಯರು, ಆರೋಗ್ಯ ಸಿಬ್ಬಂದಿ, ವಿದ್ಯಾರ್ಥಿಗಳು ಹಾಗೂ ಸ್ವಯಂಸೇವಾ ಸಂಸ್ಥೆಗಳ ಪ್ರತಿನಿಧಿಗಳು ಭಾಗವಹಿಸಿದ್ದರು. ಜಾಗೃತಿ ಜಾಥಾ ಹಾಗೂ ಪ್ರತಿಜ್ಞಾ ವಿಧಿ ಬೋಧನೆ ನಡೆಯಿತು. ಕಲ್ಯಾಣ ಕರ್ನಾಟಕ ಭಾಗದಲ್ಲಿ ಸೋಂಕಿನ ಪ್ರಮಾಣ ತಗ್ಗಿಸಲು ನಿರಂತರ ಪ್ರಯತ್ನ ನಡೆಯುತ್ತಿದೆ. ಕಳೆದ 40 ವರ್ಷಗಳಿಂದ ಭಾರತ ಸೇರಿದಂತೆ ಜಗತ್ತಿನ ಹಲವು ರಾಷ್ಟ್ರಗಳಲ್ಲಿ ಕಾಡುತ್ತಿರುವ ಹೆಚ್‌ಐವಿ ಸೋಂಕನ್ನು ಸಂಪೂರ್ಣವಾಗಿ ನಿರ್ಮೂಲನೆ ಮಾಡುವ ಗುರಿ ಹೊಂದಲಾಗಿದೆ.
ಜೆಡಿಎಸ್ ಕಚೇರಿಯಲ್ಲಿ ಕೇಂದ್ರ ಸಚಿವ ಹೆಚ್ ಡಿ ಕುಮಾರಸ್ವಾಮಿ ಜನ್ಮದಿನದ ಆಚರಣೆ
(ಹಸಿರುಕ್ರಾಂತಿ ವರದಿ)
ಆಸ್ಪತ್ರೆಗೆ ಭೇಟಿ ನೀಡಿ ಅಲ್ಲಿನ ಒಳರೋಗಿಗಳಿಗೆ ಹಣ್ಣು ಹಂಪಲು ಹಾಗೂ ಬ್ರೆಡ್ ವಿತರಿಸಿ ಶುಭಾಶಯ ಕೋರಿದರು. ಈ ಸಂದರ್ಭದಲ್ಲಿ ಜೆಡಿಎಸ್ ಜಿಲ್ಲಾ ಘಟಕದ ಪದಾಧಿಕಾರಿಗಳು ಹಾಗೂ ಕಾರ್ಯಕರ್ತರು ಉಪಸ್ಥಿತರಿದ್ದರು.
ಬಳ್ಳಾರಿ ಡಿ.17:- ಜೆಡಿಎಸ್ ರಾಷ್ಟ್ರೀಯ ಪಕ್ಷದ ನಾಯಕ ಹಾಗೂ ಕೇಂದ್ರ ಬೃಹತ್ ಕೈಗಾರಿಕೆ ಮತ್ತು ಉಕ್ಕು ಸಚಿವ ಹೆಚ್ ಡಿ ಕುಮಾರಸ್ವಾಮಿ ಅವರ 65 ನೇ ಜನ್ಮದಿನದ ಅಂಗವಾಗಿ ನಗರದ ಜೆಡಿಎಸ್ ಕಚೇರಿಯಲ್ಲಿ ಕೇಕ್ ಕತ್ತರಿಸುವ ಮೂಲಕ ಸಂಭ್ರಮದಿಂದ ಆಚರಿಸಲಾಯಿತು. ಕಾರ್ಯಕರ್ತರು ಪರಸ್ಪರ ಸಿಹಿ ಹಂಚಿ ಶುಭಾಶಯ ವಿನಿಮಯ ಮಾಡಿಕೊಂಡರು. ನಂತರ ಜಿಲ್ಲಾಸ್ಪತ್ರೆಗೆ ತೆರಳಿ ರೋಗಿಗಳಿಗೆ ಹಣ್ಣು ಹಂಪಲು ವಿತರಿಸಲಾಯಿತು. ಈ ಸಂದರ್ಭದಲ್ಲಿ ಪಕ್ಷದ ಮುಖಂಡರು ಮಾತನಾಡಿ, ಕುಮಾರಸ್ವಾಮಿ ಅವರು ರೈತರ ಪರ ಕಾಳಜಿ ಹೊಂದಿರುವ ನಾಯಕರಾಗಿದ್ದು, ಅವರ ಮಾರ್ಗದರ್ಶನದಲ್ಲಿ ಪಕ್ಷವನ್ನು ತಳಮಟ್ಟದಿಂದ ಬಲಪಡಿಸಲಾಗುವುದು ಎಂದು ಹೇಳಿದರು. ಅವರಿಗೆ ಆಯುರಾರೋಗ್ಯ ಕರುಣಿಸಲೆಂದು ಹಾರೈಸಿದರು. ಕಾರ್ಯಕ್ರಮದಲ್ಲಿ ಪಕ್ಷದ ವಿವಿಧ ಘಟಕಗಳ ಅಧ್ಯಕ್ಷರು, ಮಹಿಳಾ ಘಟಕದ ಪದಾಧಿಕಾರಿಗಳು, ಯುವ ಘಟಕದ ಸದಸ್ಯರು ಹಾಗೂ ಅಭಿಮಾನಿಗಳು ಪಾಲ್ಗೊಂಡಿದ್ದರು.
★ ★ ★
